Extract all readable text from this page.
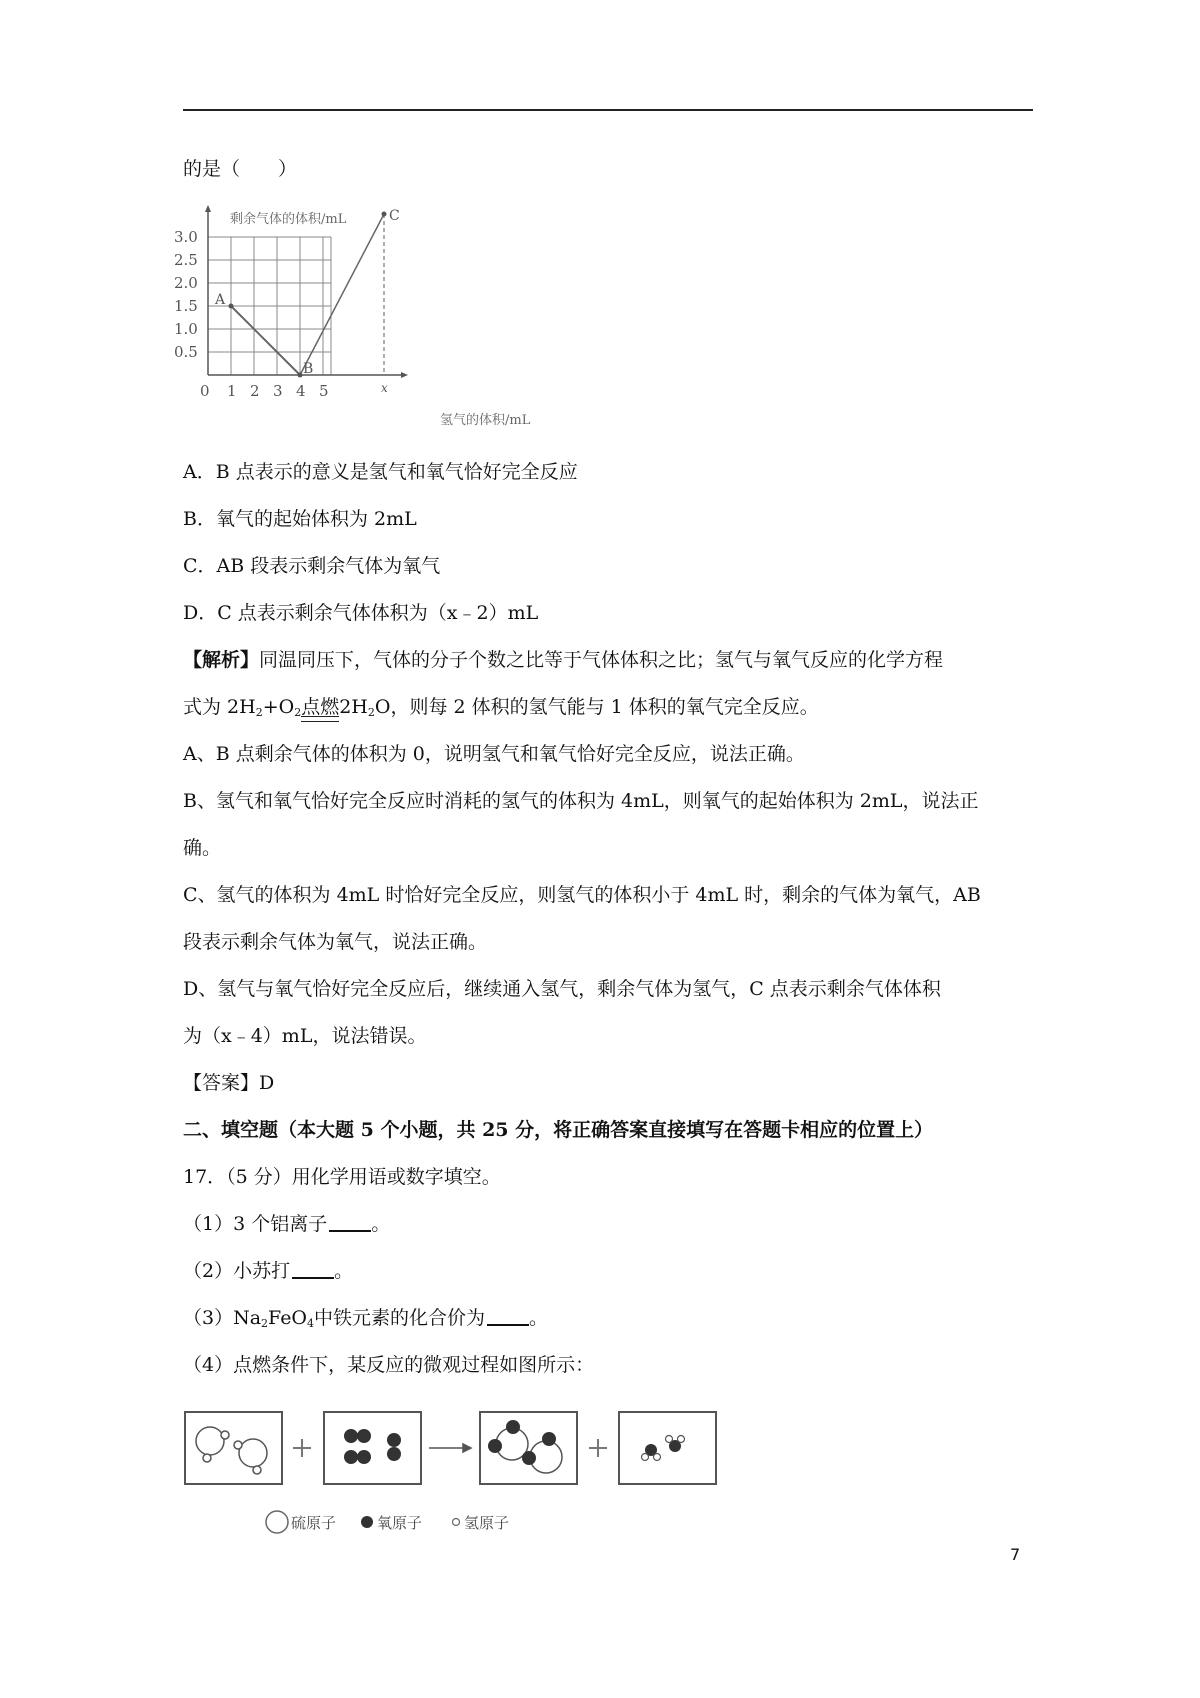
的是（　　）
3.0
2.5
2.0
1.5
1.0
0.5
0 1 2 3 4 5	x
A
B
C
剩余气体的体积/mL
氢气的体积/mL
A．B 点表示的意义是氢气和氧气恰好完全反应
B．氧气的起始体积为 2mL
C．AB 段表示剩余气体为氧气
D．C 点表示剩余气体体积为（x﹣2）mL
【解析】同温同压下，气体的分子个数之比等于气体体积之比；氢气与氧气反应的化学方程
式为 $2H_2+O_2$点燃
$2H_2O$，则每 2 体积的氢气能与 1 体积的氧气完全反应。
A、B 点剩余气体的体积为 0，说明氢气和氧气恰好完全反应，说法正确。
B、氢气和氧气恰好完全反应时消耗的氢气的体积为 4mL，则氧气的起始体积为 2mL，说法正
确。
C、氢气的体积为 4mL 时恰好完全反应，则氢气的体积小于 4mL 时，剩余的气体为氧气，AB
段表示剩余气体为氧气，说法正确。
D、氢气与氧气恰好完全反应后，继续通入氢气，剩余气体为氢气，C 点表示剩余气体体积
为（x﹣4）mL，说法错误。
【答案】D
二、填空题（本大题 5 个小题，共 25 分，将正确答案直接填写在答题卡相应的位置上）
17．（5 分）用化学用语或数字填空。
（1）3 个铝离子 。
（2）小苏打 。
$(3)Na_2FeO_4$中铁元素的化合价为 。
（4）点燃条件下，某反应的微观过程如图所示：
硫原子	氧原子	氢原子
7
